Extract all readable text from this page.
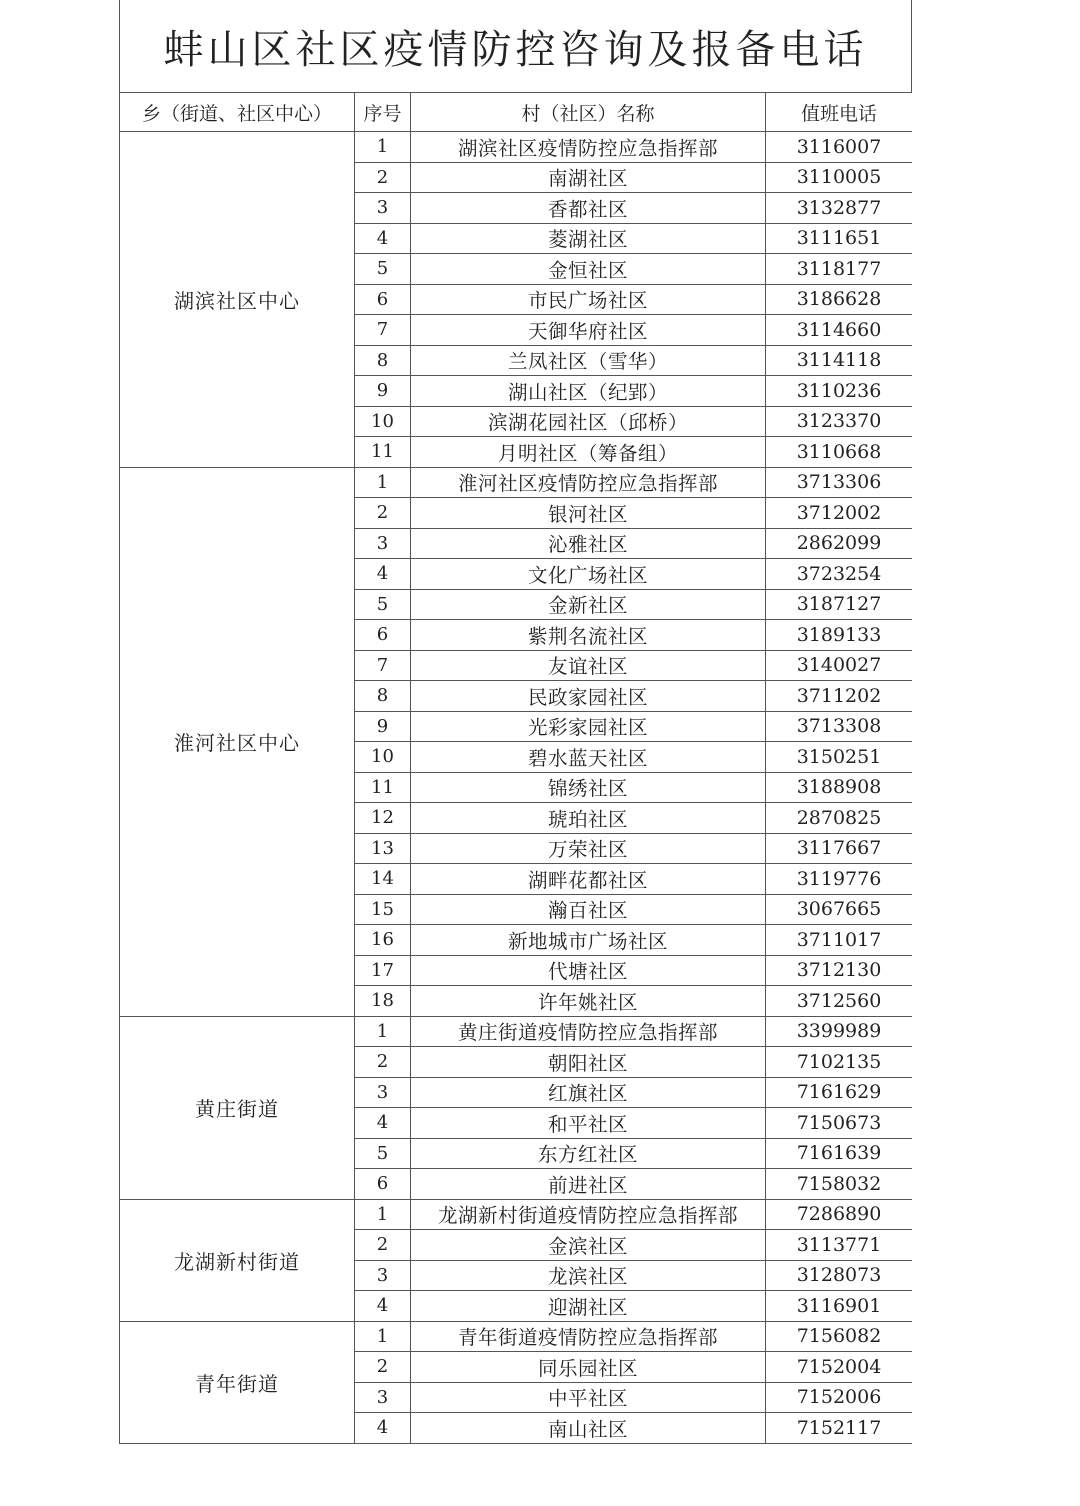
蚌山区社区疫情防控咨询及报备电话
乡（街道、社区中心）	序号	村（社区）名称	值班电话
湖滨社区中心	1	湖滨社区疫情防控应急指挥部	3116007
	2	南湖社区	3110005
	3	香都社区	3132877
	4	菱湖社区	3111651
	5	金恒社区	3118177
	6	市民广场社区	3186628
	7	天御华府社区	3114660
	8	兰凤社区（雪华）	3114118
	9	湖山社区（纪郢）	3110236
	10	滨湖花园社区（邱桥）	3123370
	11	月明社区（筹备组）	3110668
淮河社区中心	1	淮河社区疫情防控应急指挥部	3713306
	2	银河社区	3712002
	3	沁雅社区	2862099
	4	文化广场社区	3723254
	5	金新社区	3187127
	6	紫荆名流社区	3189133
	7	友谊社区	3140027
	8	民政家园社区	3711202
	9	光彩家园社区	3713308
	10	碧水蓝天社区	3150251
	11	锦绣社区	3188908
	12	琥珀社区	2870825
	13	万荣社区	3117667
	14	湖畔花都社区	3119776
	15	瀚百社区	3067665
	16	新地城市广场社区	3711017
	17	代塘社区	3712130
	18	许年姚社区	3712560
黄庄街道	1	黄庄街道疫情防控应急指挥部	3399989
	2	朝阳社区	7102135
	3	红旗社区	7161629
	4	和平社区	7150673
	5	东方红社区	7161639
	6	前进社区	7158032
龙湖新村街道	1	龙湖新村街道疫情防控应急指挥部	7286890
	2	金滨社区	3113771
	3	龙滨社区	3128073
	4	迎湖社区	3116901
青年街道	1	青年街道疫情防控应急指挥部	7156082
	2	同乐园社区	7152004
	3	中平社区	7152006
	4	南山社区	7152117
